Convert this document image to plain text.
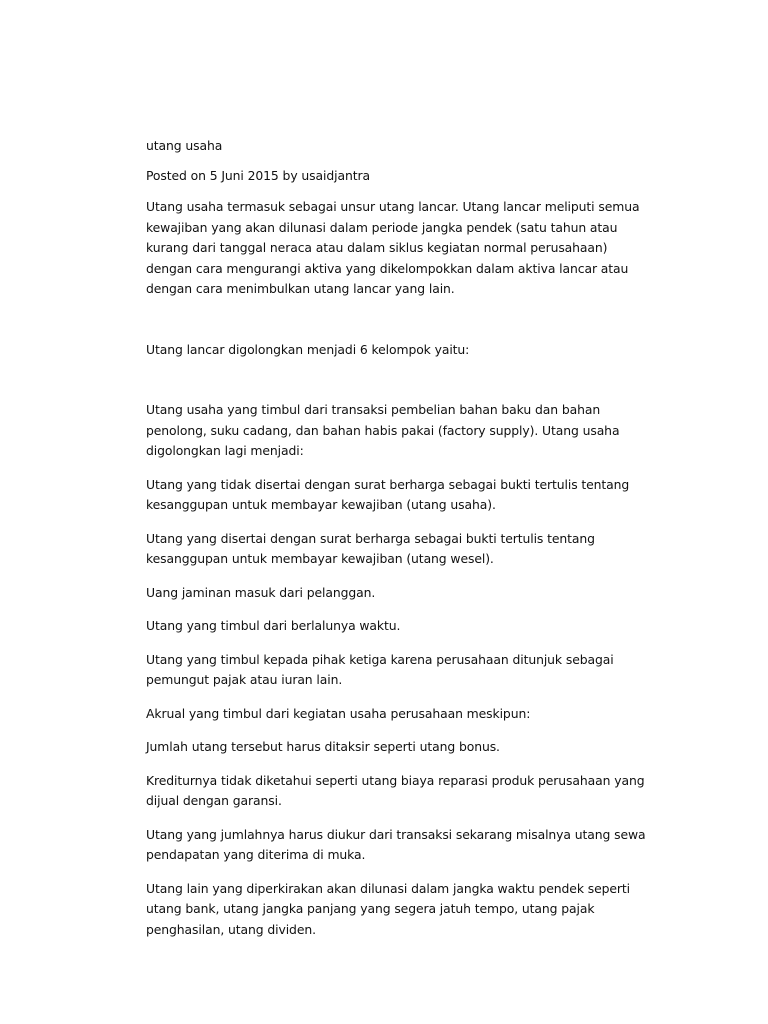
utang usaha

Posted on 5 Juni 2015 by usaidjantra

Utang usaha termasuk sebagai unsur utang lancar. Utang lancar meliputi semua kewajiban yang akan dilunasi dalam periode jangka pendek (satu tahun atau kurang dari tanggal neraca atau dalam siklus kegiatan normal perusahaan) dengan cara mengurangi aktiva yang dikelompokkan dalam aktiva lancar atau dengan cara menimbulkan utang lancar yang lain.

Utang lancar digolongkan menjadi 6 kelompok yaitu:

Utang usaha yang timbul dari transaksi pembelian bahan baku dan bahan penolong, suku cadang, dan bahan habis pakai (factory supply). Utang usaha digolongkan lagi menjadi:

Utang yang tidak disertai dengan surat berharga sebagai bukti tertulis tentang kesanggupan untuk membayar kewajiban (utang usaha).

Utang yang disertai dengan surat berharga sebagai bukti tertulis tentang kesanggupan untuk membayar kewajiban (utang wesel).

Uang jaminan masuk dari pelanggan.

Utang yang timbul dari berlalunya waktu.

Utang yang timbul kepada pihak ketiga karena perusahaan ditunjuk sebagai pemungut pajak atau iuran lain.

Akrual yang timbul dari kegiatan usaha perusahaan meskipun:

Jumlah utang tersebut harus ditaksir seperti utang bonus.

Krediturnya tidak diketahui seperti utang biaya reparasi produk perusahaan yang dijual dengan garansi.

Utang yang jumlahnya harus diukur dari transaksi sekarang misalnya utang sewa pendapatan yang diterima di muka.

Utang lain yang diperkirakan akan dilunasi dalam jangka waktu pendek seperti utang bank, utang jangka panjang yang segera jatuh tempo, utang pajak penghasilan, utang dividen.
